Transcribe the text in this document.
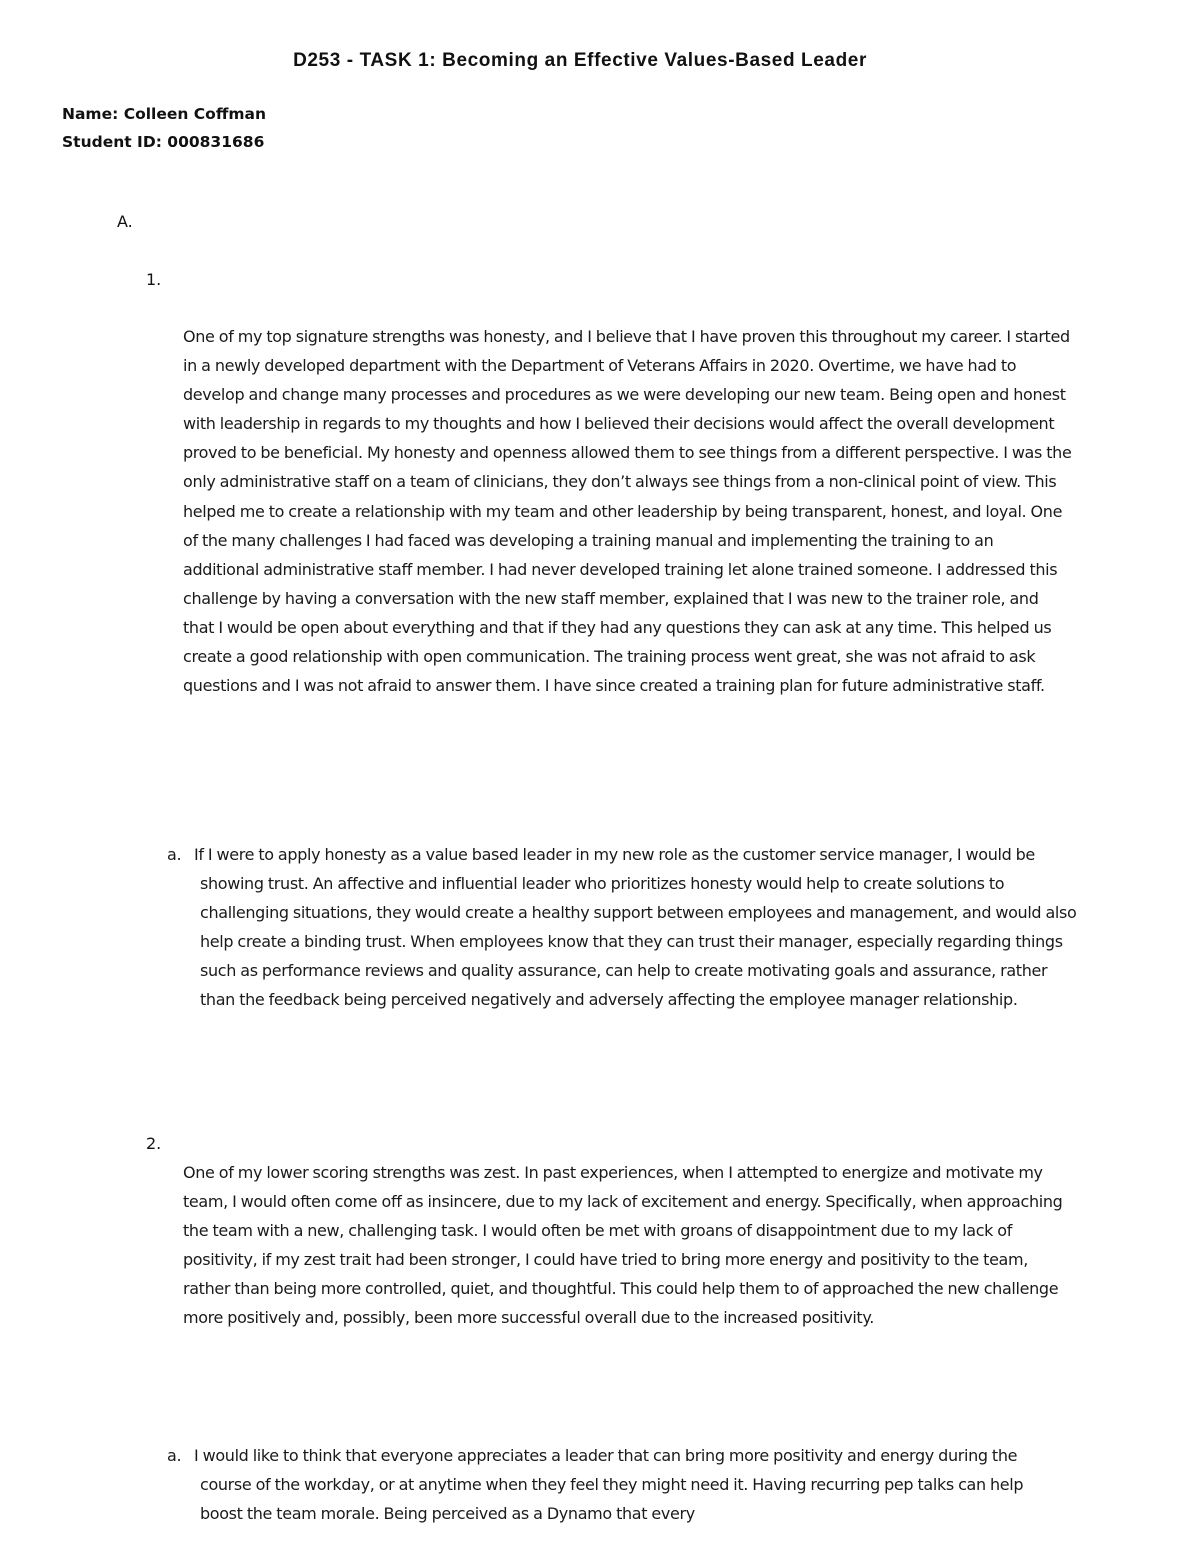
D253 - TASK 1: Becoming an Effective Values-Based Leader
Name: Colleen Coffman
Student ID: 000831686
A.
1.
One of my top signature strengths was honesty, and I believe that I have proven this throughout my career. I started in a newly developed department with the Department of Veterans Affairs in 2020. Overtime, we have had to develop and change many processes and procedures as we were developing our new team. Being open and honest with leadership in regards to my thoughts and how I believed their decisions would affect the overall development proved to be beneficial. My honesty and openness allowed them to see things from a different perspective. I was the only administrative staff on a team of clinicians, they don’t always see things from a non-clinical point of view. This helped me to create a relationship with my team and other leadership by being transparent, honest, and loyal. One of the many challenges I had faced was developing a training manual and implementing the training to an additional administrative staff member. I had never developed training let alone trained someone. I addressed this challenge by having a conversation with the new staff member, explained that I was new to the trainer role, and that I would be open about everything and that if they had any questions they can ask at any time. This helped us create a good relationship with open communication. The training process went great, she was not afraid to ask questions and I was not afraid to answer them. I have since created a training plan for future administrative staff.
a. If I were to apply honesty as a value based leader in my new role as the customer service manager, I would be showing trust. An affective and influential leader who prioritizes honesty would help to create solutions to challenging situations, they would create a healthy support between employees and management, and would also help create a binding trust. When employees know that they can trust their manager, especially regarding things such as performance reviews and quality assurance, can help to create motivating goals and assurance, rather than the feedback being perceived negatively and adversely affecting the employee manager relationship.
2.
One of my lower scoring strengths was zest. In past experiences, when I attempted to energize and motivate my team, I would often come off as insincere, due to my lack of excitement and energy. Specifically, when approaching the team with a new, challenging task. I would often be met with groans of disappointment due to my lack of positivity, if my zest trait had been stronger, I could have tried to bring more energy and positivity to the team, rather than being more controlled, quiet, and thoughtful. This could help them to of approached the new challenge more positively and, possibly, been more successful overall due to the increased positivity.
a. I would like to think that everyone appreciates a leader that can bring more positivity and energy during the course of the workday, or at anytime when they feel they might need it. Having recurring pep talks can help boost the team morale. Being perceived as a Dynamo that every
